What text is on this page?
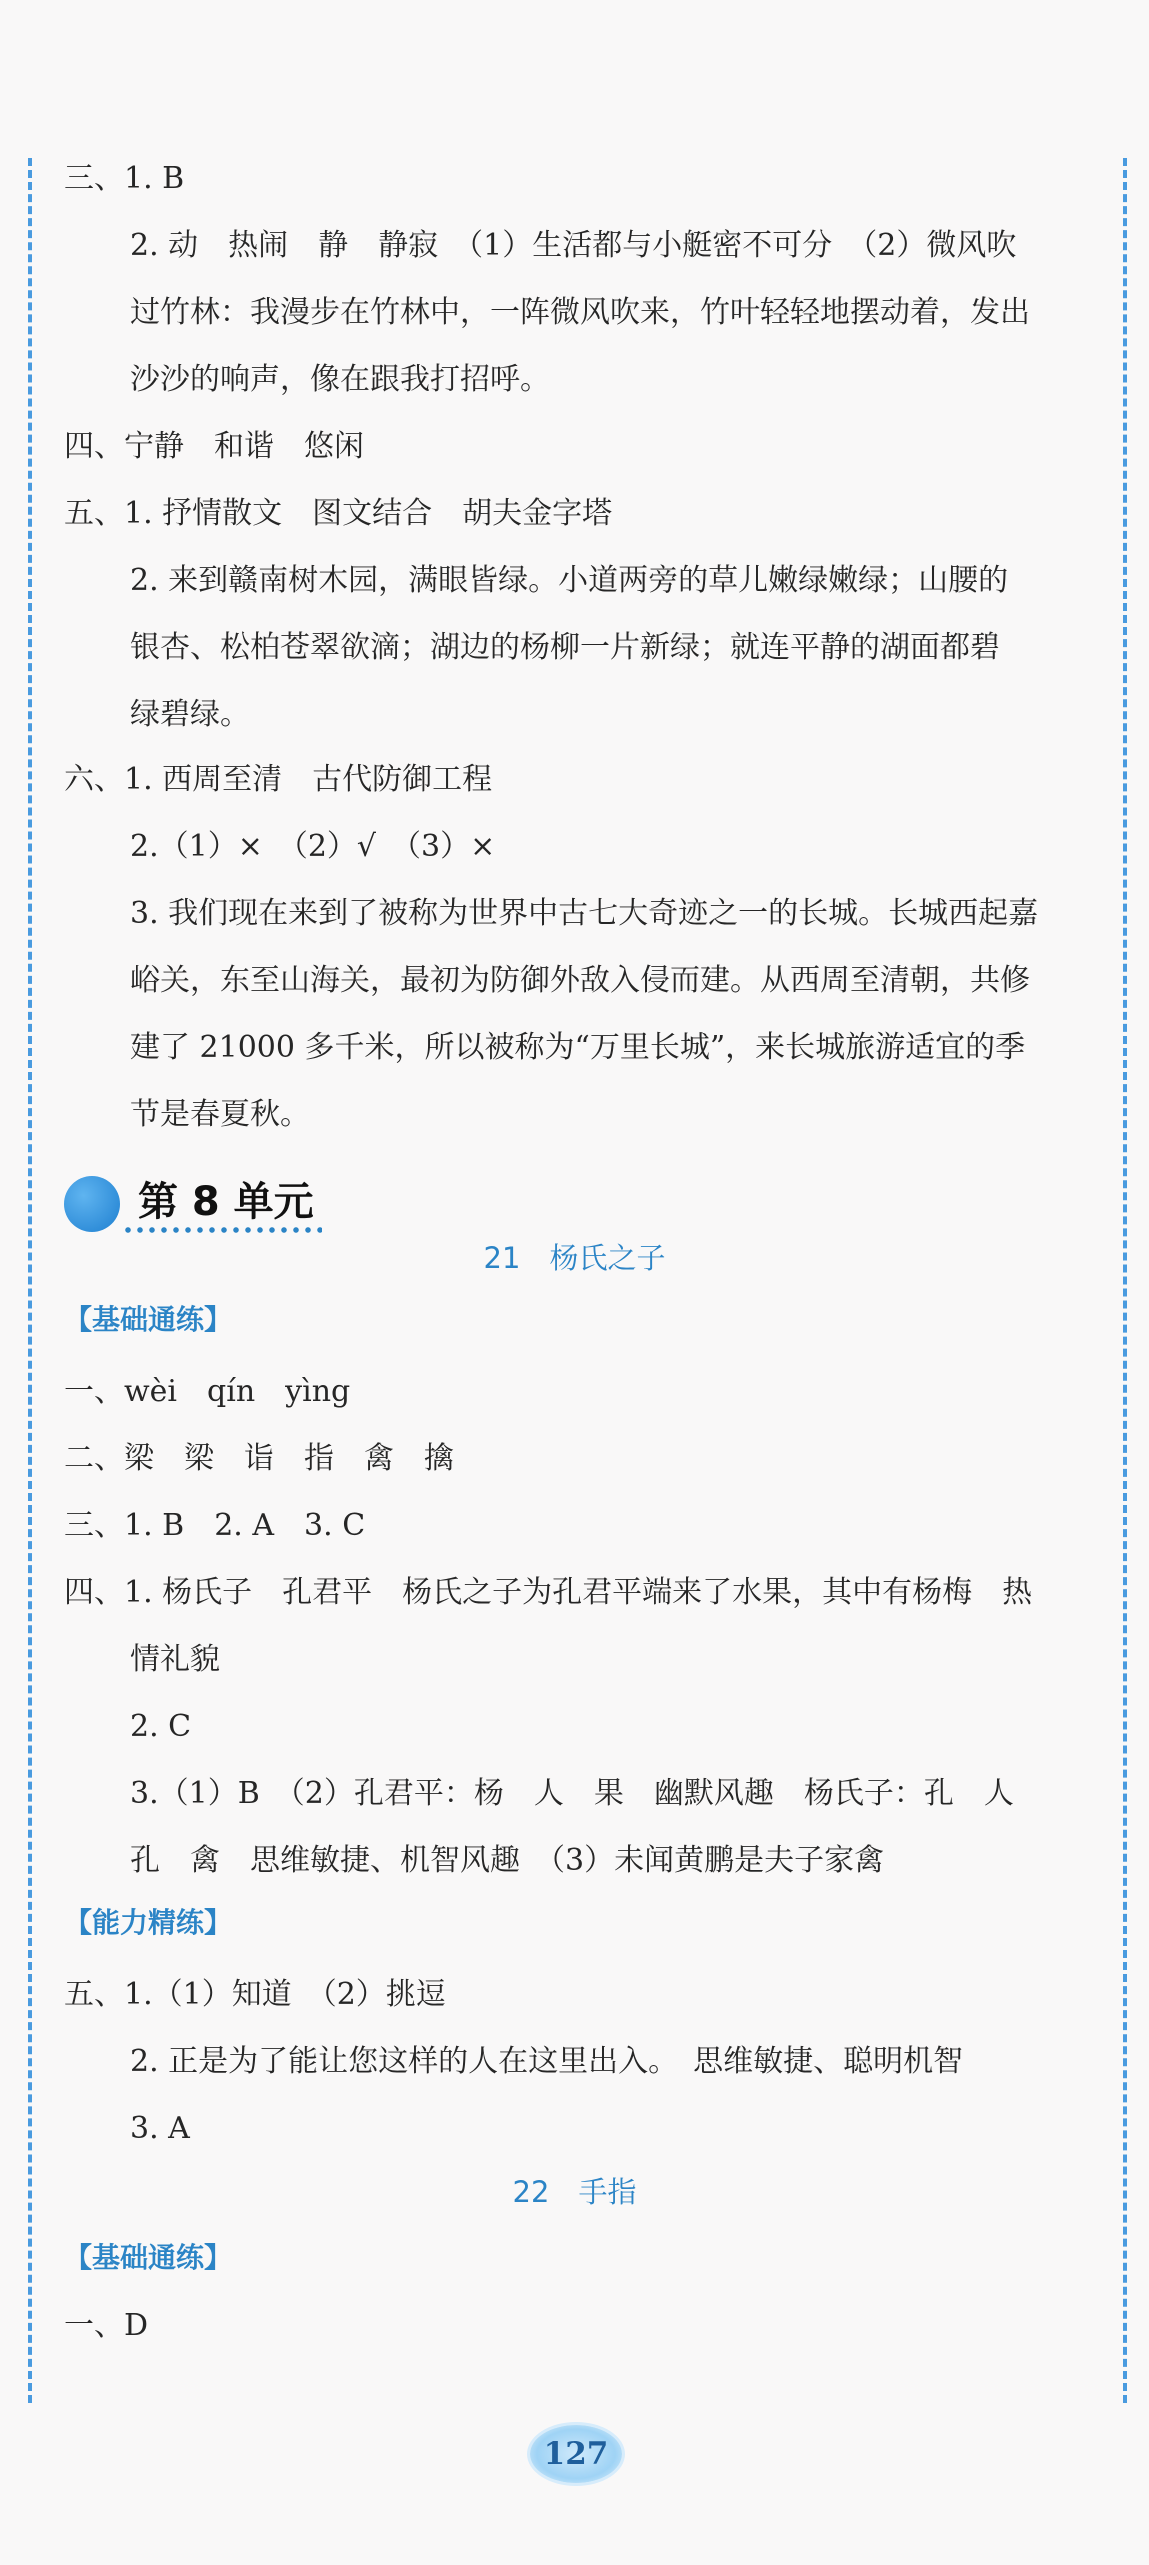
三、1. B
2. 动　热闹　静　静寂　（1）生活都与小艇密不可分　（2）微风吹
过竹林：我漫步在竹林中，一阵微风吹来，竹叶轻轻地摆动着，发出
沙沙的响声，像在跟我打招呼。
四、宁静　和谐　悠闲
五、1. 抒情散文　图文结合　胡夫金字塔
2. 来到赣南树木园，满眼皆绿。小道两旁的草儿嫩绿嫩绿；山腰的
银杏、松柏苍翠欲滴；湖边的杨柳一片新绿；就连平静的湖面都碧
绿碧绿。
六、1. 西周至清　古代防御工程
2.（1）×　（2）√　（3）×
3. 我们现在来到了被称为世界中古七大奇迹之一的长城。长城西起嘉
峪关，东至山海关，最初为防御外敌入侵而建。从西周至清朝，共修
建了 21000 多千米，所以被称为“万里长城”，来长城旅游适宜的季
节是春夏秋。
第 8 单元
21　杨氏之子
【基础通练】
一、wèi　qín　yìng
二、梁　梁　诣　指　禽　擒
三、1. B　2. A　3. C
四、1. 杨氏子　孔君平　杨氏之子为孔君平端来了水果，其中有杨梅　热
情礼貌
2. C
3.（1）B　（2）孔君平：杨　人　果　幽默风趣　杨氏子：孔　人
孔　禽　思维敏捷、机智风趣　（3）未闻黄鹏是夫子家禽
【能力精练】
五、1.（1）知道　（2）挑逗
2. 正是为了能让您这样的人在这里出入。　思维敏捷、聪明机智
3. A
22　手指
【基础通练】
一、D
127
